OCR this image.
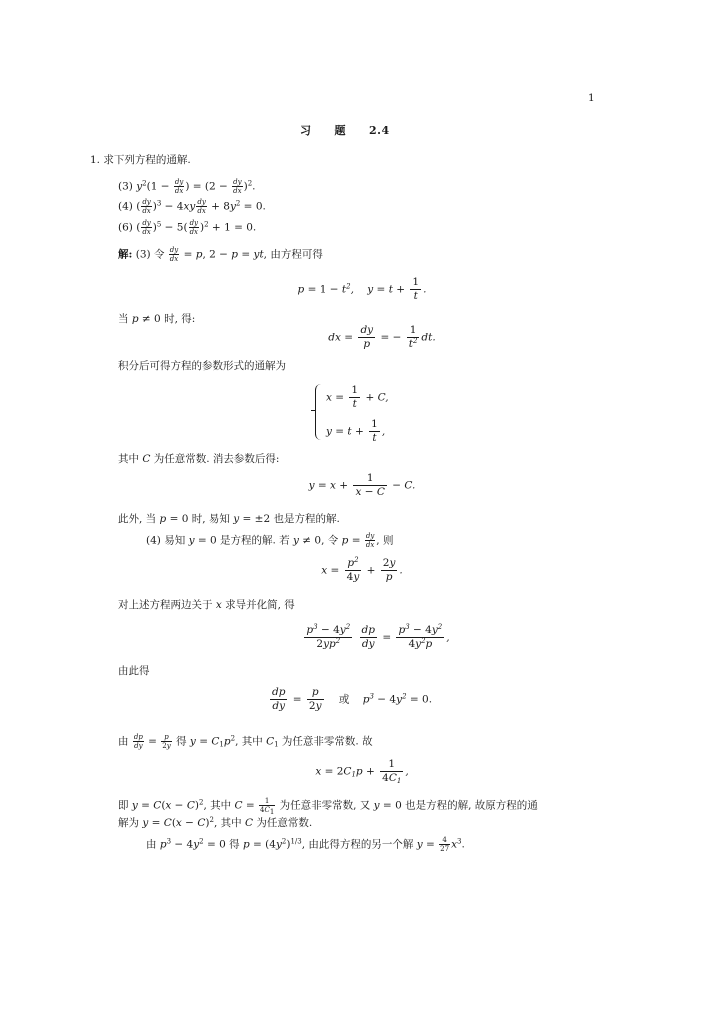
1
习　　题　　2.4
1. 求下列方程的通解.
(3) $y^2(1 - \frac{dy}{dx}$ ) = $(2 - \frac{dy}{dx} )^2$.
(4) ( $\frac{dy}{dx} )^3 - 4xy \frac{dy}{dx} + 8y^2 = 0$.
(6) ( $\frac{dy}{dx} )^5 - 5( \frac{dy}{dx} )^2 + 1 = 0$.
解: (3) 令 $\frac{dy}{dx} = p$, 2 − p = yt, 由方程可得
$p = 1 - t^2$,    $y = t + \frac{1}{t}$ .
当 p ≠ 0 时, 得:
dx = $\frac{dy}{p}$ = − $\frac{1}{t^2}$ dt.
积分后可得方程的参数形式的通解为
$x = \frac{1}{t} + C$,
$y = t + \frac{1}{t}$ ,
其中 C 为任意常数. 消去参数后得:
$y = x + \frac{1}{x - C} - C$.
此外, 当 p = 0 时, 易知 y = ±2 也是方程的解.
(4) 易知 y = 0 是方程的解. 若 y ≠ 0, 令 $p = \frac{dy}{dx}$ , 则
$x = \frac{p^2}{4y} + \frac{2y}{p}$ .
对上述方程两边关于 x 求导并化简, 得
$\frac{p^3 - 4y^2}{2yp^2}$
$\frac{dp}{dy} = \frac{p^3 - 4y^2}{4y^2p}$ ,
由此得
$\frac{dp}{dy} = \frac{p}{2y}$ 或    $p^3 - 4y^2 = 0$.
由 $\frac{dp}{dy} = \frac{p}{2y}$ 得 $y = C_1p^2$, 其中 $C_1$ 为任意非零常数. 故
$x = 2C_1p + \frac{1}{4C_1}$ ,
即 $y = C(x - C)^2$, 其中 $C = \frac{1}{4C_1}$ 为任意非零常数, 又 y = 0 也是方程的解, 故原方程的通
解为 $y = C(x - C)^2$, 其中 C 为任意常数.
由 $p^3 - 4y^2 = 0$ 得 $p = (4y^2)^{1/3}$, 由此得方程的另一个解 $y = \frac{4}{27} x^3$.
